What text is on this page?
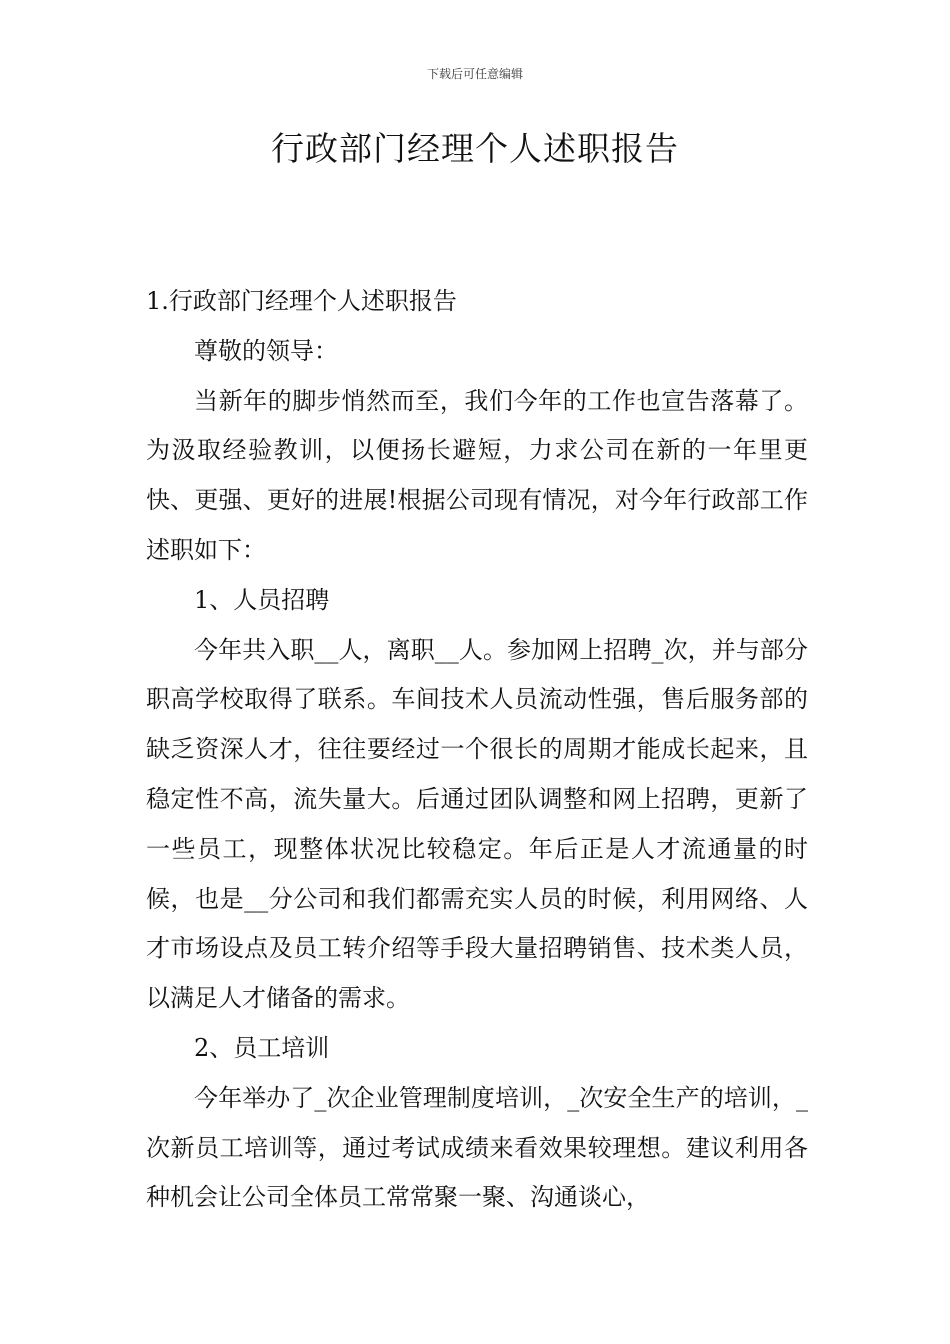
下载后可任意编辑
行政部门经理个人述职报告

1.行政部门经理个人述职报告

尊敬的领导：

当新年的脚步悄然而至，我们今年的工作也宣告落幕了。为汲取经验教训，以便扬长避短，力求公司在新的一年里更快、更强、更好的进展!根据公司现有情况，对今年行政部工作述职如下：

1、人员招聘

今年共入职__人，离职__人。参加网上招聘_次，并与部分职高学校取得了联系。车间技术人员流动性强，售后服务部的缺乏资深人才，往往要经过一个很长的周期才能成长起来，且稳定性不高，流失量大。后通过团队调整和网上招聘，更新了一些员工，现整体状况比较稳定。年后正是人才流通量的时候，也是__分公司和我们都需充实人员的时候，利用网络、人才市场设点及员工转介绍等手段大量招聘销售、技术类人员，以满足人才储备的需求。

2、员工培训

今年举办了_次企业管理制度培训，_次安全生产的培训，_次新员工培训等，通过考试成绩来看效果较理想。建议利用各种机会让公司全体员工常常聚一聚、沟通谈心，
